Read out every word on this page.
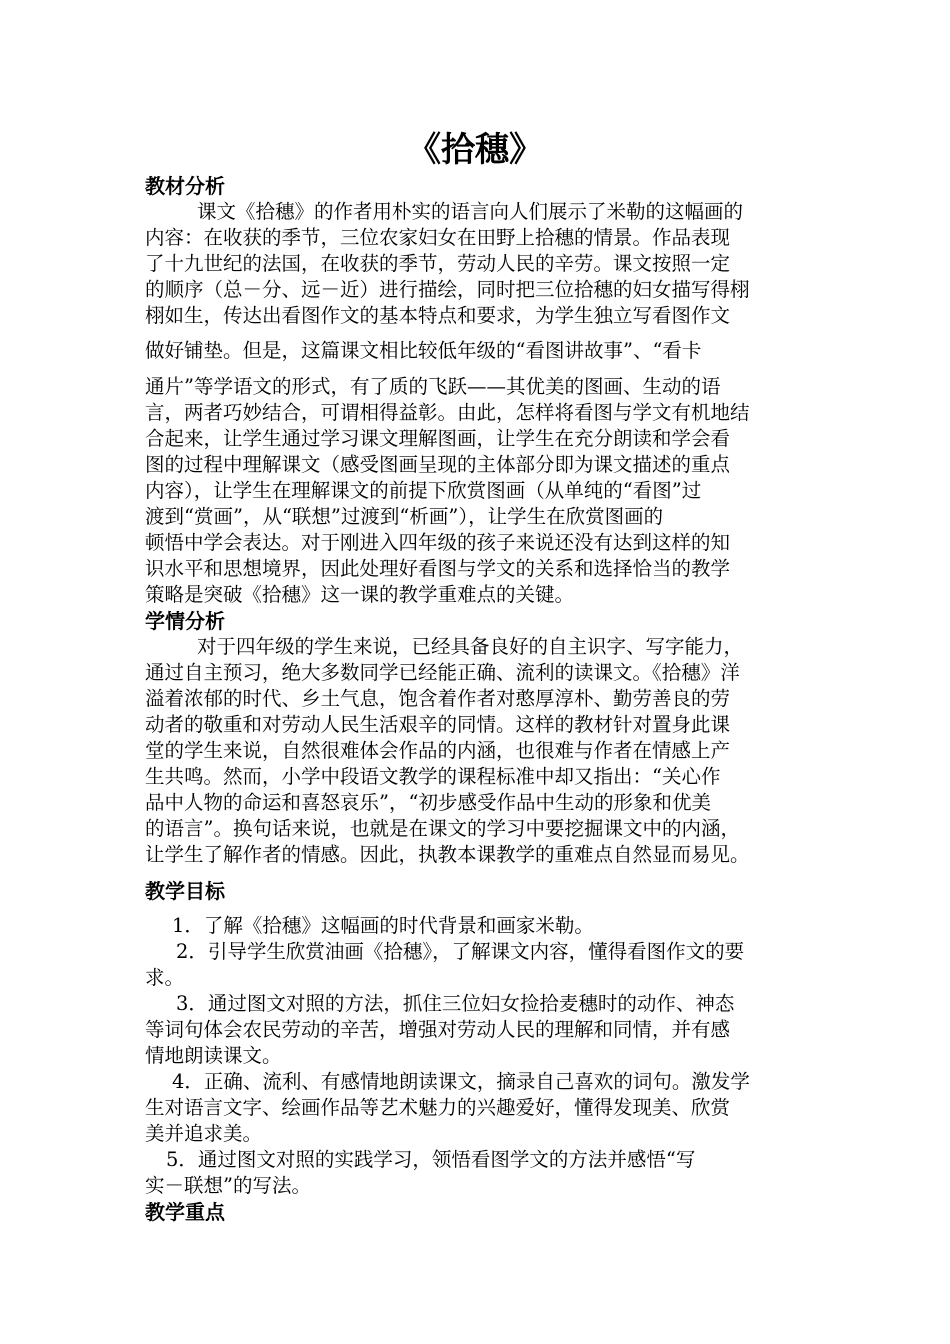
《拾穗》
教材分析
课文《拾穗》的作者用朴实的语言向人们展示了米勒的这幅画的
内容：在收获的季节，三位农家妇女在田野上拾穗的情景。作品表现
了十九世纪的法国，在收获的季节，劳动人民的辛劳。课文按照一定
的顺序（总－分、远－近）进行描绘，同时把三位拾穗的妇女描写得栩
栩如生，传达出看图作文的基本特点和要求，为学生独立写看图作文
做好铺垫。但是，这篇课文相比较低年级的“看图讲故事”、“看卡
通片”等学语文的形式，有了质的飞跃——其优美的图画、生动的语
言，两者巧妙结合，可谓相得益彰。由此，怎样将看图与学文有机地结
合起来，让学生通过学习课文理解图画，让学生在充分朗读和学会看
图的过程中理解课文（感受图画呈现的主体部分即为课文描述的重点
内容），让学生在理解课文的前提下欣赏图画（从单纯的“看图”过
渡到“赏画”，从“联想”过渡到“析画”），让学生在欣赏图画的
顿悟中学会表达。对于刚进入四年级的孩子来说还没有达到这样的知
识水平和思想境界，因此处理好看图与学文的关系和选择恰当的教学
策略是突破《拾穗》这一课的教学重难点的关键。
学情分析
对于四年级的学生来说，已经具备良好的自主识字、写字能力，
通过自主预习，绝大多数同学已经能正确、流利的读课文。《拾穗》洋
溢着浓郁的时代、乡土气息，饱含着作者对憨厚淳朴、勤劳善良的劳
动者的敬重和对劳动人民生活艰辛的同情。这样的教材针对置身此课
堂的学生来说，自然很难体会作品的内涵，也很难与作者在情感上产
生共鸣。然而，小学中段语文教学的课程标准中却又指出：“关心作
品中人物的命运和喜怒哀乐”，“初步感受作品中生动的形象和优美
的语言”。换句话来说，也就是在课文的学习中要挖掘课文中的内涵，
让学生了解作者的情感。因此，执教本课教学的重难点自然显而易见。
教学目标
1．了解《拾穗》这幅画的时代背景和画家米勒。
2．引导学生欣赏油画《拾穗》，了解课文内容，懂得看图作文的要
求。
3．通过图文对照的方法，抓住三位妇女捡拾麦穗时的动作、神态
等词句体会农民劳动的辛苦，增强对劳动人民的理解和同情，并有感
情地朗读课文。
4．正确、流利、有感情地朗读课文，摘录自己喜欢的词句。激发学
生对语言文字、绘画作品等艺术魅力的兴趣爱好，懂得发现美、欣赏
美并追求美。
5．通过图文对照的实践学习，领悟看图学文的方法并感悟“写
实－联想”的写法。
教学重点
